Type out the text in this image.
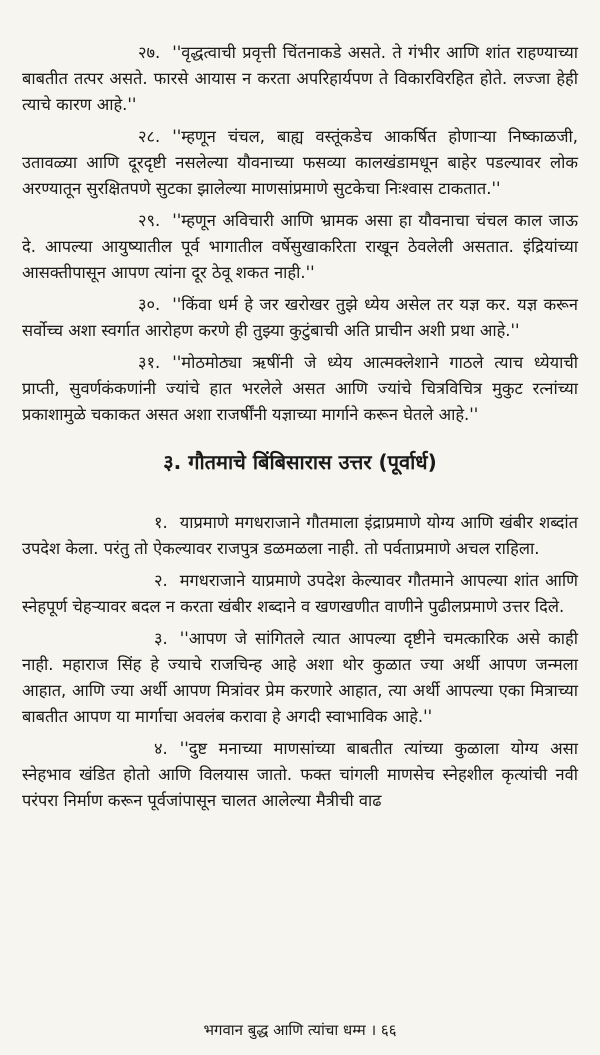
२७. ''वृद्धत्वाची प्रवृत्ती चिंतनाकडे असते. ते गंभीर आणि शांत राहण्याच्या बाबतीत तत्पर असते. फारसे आयास न करता अपरिहार्यपण ते विकारविरहित होते. लज्जा हेही त्याचे कारण आहे.''

२८. ''म्हणून चंचल, बाह्य वस्तूंकडेच आकर्षित होणाऱ्या निष्काळजी, उतावळ्या आणि दूरदृष्टी नसलेल्या यौवनाच्या फसव्या कालखंडामधून बाहेर पडल्यावर लोक अरण्यातून सुरक्षितपणे सुटका झालेल्या माणसांप्रमाणे सुटकेचा निःश्वास टाकतात.''

२९. ''म्हणून अविचारी आणि भ्रामक असा हा यौवनाचा चंचल काल जाऊ दे. आपल्या आयुष्यातील पूर्व भागातील वर्षेसुखाकरिता राखून ठेवलेली असतात. इंद्रियांच्या आसक्तीपासून आपण त्यांना दूर ठेवू शकत नाही.''

३०. ''किंवा धर्म हे जर खरोखर तुझे ध्येय असेल तर यज्ञ कर. यज्ञ करून सर्वोच्च अशा स्वर्गात आरोहण करणे ही तुझ्या कुटुंबाची अति प्राचीन अशी प्रथा आहे.''

३१. ''मोठमोठ्या ऋषींनी जे ध्येय आत्मक्लेशाने गाठले त्याच ध्येयाची प्राप्ती, सुवर्णकंकणांनी ज्यांचे हात भरलेले असत आणि ज्यांचे चित्रविचित्र मुकुट रत्नांच्या प्रकाशामुळे चकाकत असत अशा राजर्षींनी यज्ञाच्या मार्गाने करून घेतले आहे.''

३. गौतमाचे बिंबिसारास उत्तर (पूर्वार्ध)

१. याप्रमाणे मगधराजाने गौतमाला इंद्राप्रमाणे योग्य आणि खंबीर शब्दांत उपदेश केला. परंतु तो ऐकल्यावर राजपुत्र डळमळला नाही. तो पर्वताप्रमाणे अचल राहिला.

२. मगधराजाने याप्रमाणे उपदेश केल्यावर गौतमाने आपल्या शांत आणि स्नेहपूर्ण चेहऱ्यावर बदल न करता खंबीर शब्दाने व खणखणीत वाणीने पुढीलप्रमाणे उत्तर दिले.

३. ''आपण जे सांगितले त्यात आपल्या दृष्टीने चमत्कारिक असे काही नाही. महाराज सिंह हे ज्याचे राजचिन्ह आहे अशा थोर कुळात ज्या अर्थी आपण जन्मला आहात, आणि ज्या अर्थी आपण मित्रांवर प्रेम करणारे आहात, त्या अर्थी आपल्या एका मित्राच्या बाबतीत आपण या मार्गाचा अवलंब करावा हे अगदी स्वाभाविक आहे.''

४. ''दुष्ट मनाच्या माणसांच्या बाबतीत त्यांच्या कुळाला योग्य असा स्नेहभाव खंडित होतो आणि विलयास जातो. फक्त चांगली माणसेच स्नेहशील कृत्यांची नवी परंपरा निर्माण करून पूर्वजांपासून चालत आलेल्या मैत्रीची वाढ

भगवान बुद्ध आणि त्यांचा धम्म । ६६
